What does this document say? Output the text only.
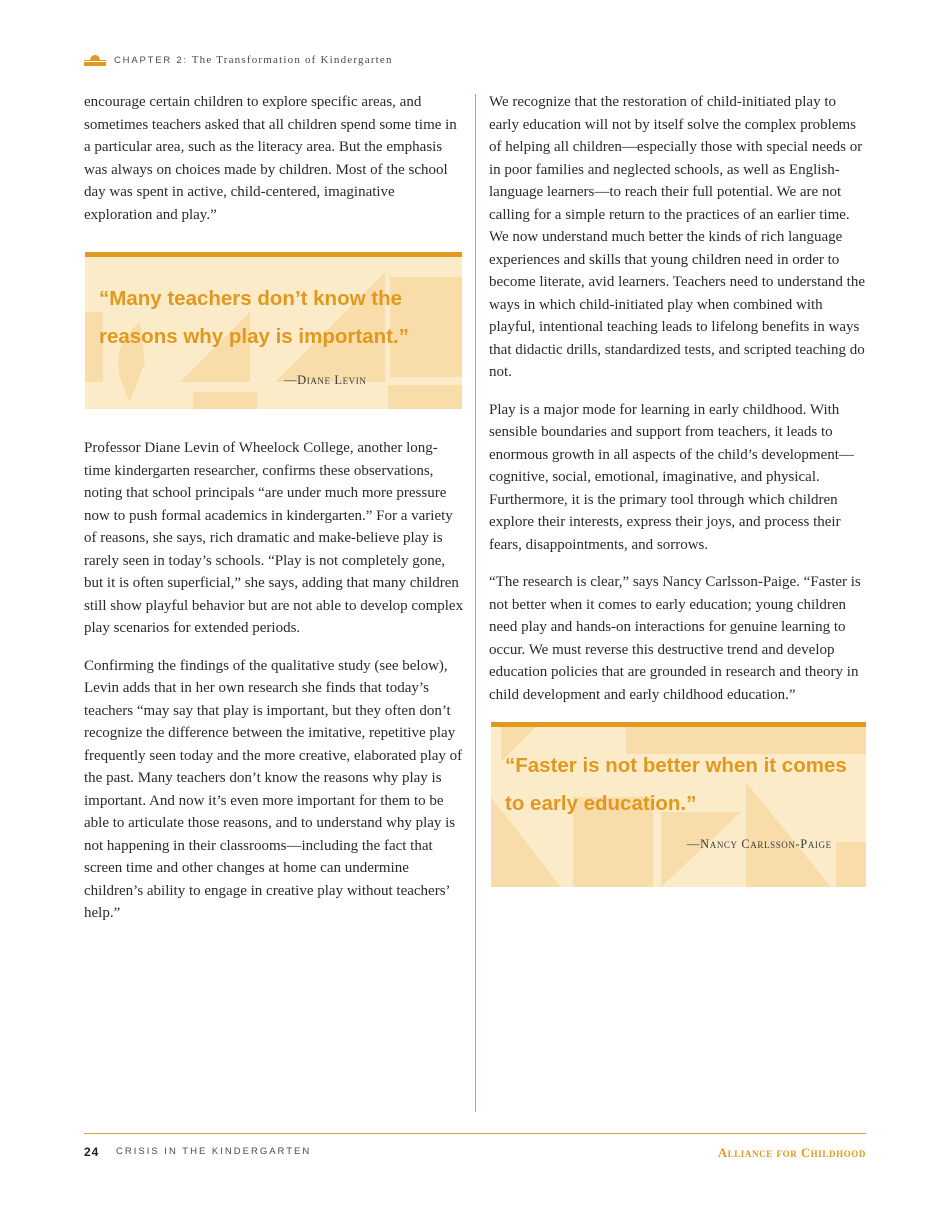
CHAPTER 2: The Transformation of Kindergarten

encourage certain children to explore specific areas, and sometimes teachers asked that all children spend some time in a particular area, such as the literacy area. But the emphasis was always on choices made by children. Most of the school day was spent in active, child-centered, imaginative exploration and play.”

“Many teachers don’t know the reasons why play is important.”
—Diane Levin

Professor Diane Levin of Wheelock College, another long-time kindergarten researcher, confirms these observations, noting that school principals “are under much more pressure now to push formal academics in kindergarten.” For a variety of reasons, she says, rich dramatic and make-believe play is rarely seen in today’s schools. “Play is not completely gone, but it is often superficial,” she says, adding that many children still show playful behavior but are not able to develop complex play scenarios for extended periods.

Confirming the findings of the qualitative study (see below), Levin adds that in her own research she finds that today’s teachers “may say that play is important, but they often don’t recognize the difference between the imitative, repetitive play frequently seen today and the more creative, elaborated play of the past. Many teachers don’t know the reasons why play is important. And now it’s even more important for them to be able to articulate those reasons, and to understand why play is not happening in their classrooms—including the fact that screen time and other changes at home can undermine children’s ability to engage in creative play without teachers’ help.”

We recognize that the restoration of child-initiated play to early education will not by itself solve the complex problems of helping all children—especially those with special needs or in poor families and neglected schools, as well as English-language learners—to reach their full potential. We are not calling for a simple return to the practices of an earlier time. We now understand much better the kinds of rich language experiences and skills that young children need in order to become literate, avid learners. Teachers need to understand the ways in which child-initiated play when combined with playful, intentional teaching leads to lifelong benefits in ways that didactic drills, standardized tests, and scripted teaching do not.

Play is a major mode for learning in early childhood. With sensible boundaries and support from teachers, it leads to enormous growth in all aspects of the child’s development—cognitive, social, emotional, imaginative, and physical. Furthermore, it is the primary tool through which children explore their interests, express their joys, and process their fears, disappointments, and sorrows.

“The research is clear,” says Nancy Carlsson-Paige. “Faster is not better when it comes to early education; young children need play and hands-on interactions for genuine learning to occur. We must reverse this destructive trend and develop education policies that are grounded in research and theory in child development and early childhood education.”

“Faster is not better when it comes to early education.”
—Nancy Carlsson-Paige
24 CRISIS IN THE KINDERGARTEN	Alliance for Childhood
